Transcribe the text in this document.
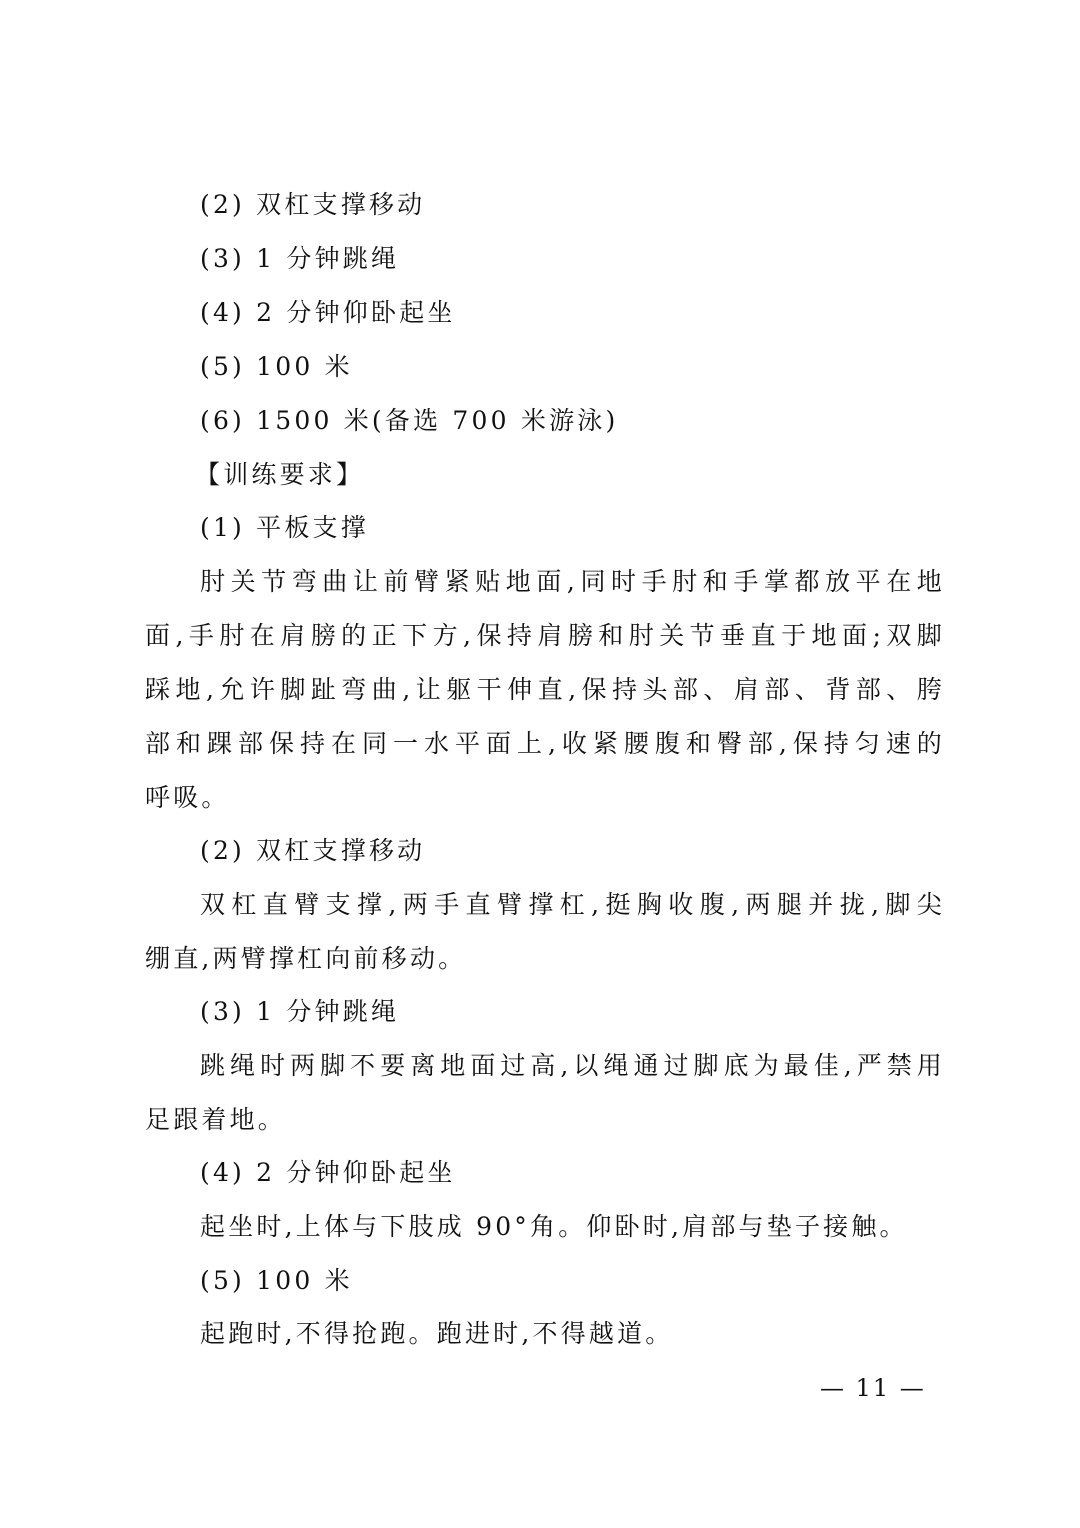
(2) 双杠支撑移动
(3) 1 分钟跳绳
(4) 2 分钟仰卧起坐
(5) 100 米
(6) 1500 米(备选 700 米游泳)
【训练要求】
(1) 平板支撑
肘关节弯曲让前臂紧贴地面,同时手肘和手掌都放平在地
面,手肘在肩膀的正下方,保持肩膀和肘关节垂直于地面;双脚
踩地,允许脚趾弯曲,让躯干伸直,保持头部、肩部、背部、胯
部和踝部保持在同一水平面上,收紧腰腹和臀部,保持匀速的
呼吸。
(2) 双杠支撑移动
双杠直臂支撑,两手直臂撑杠,挺胸收腹,两腿并拢,脚尖
绷直,两臂撑杠向前移动。
(3) 1 分钟跳绳
跳绳时两脚不要离地面过高,以绳通过脚底为最佳,严禁用
足跟着地。
(4) 2 分钟仰卧起坐
起坐时,上体与下肢成 90°角。仰卧时,肩部与垫子接触。
(5) 100 米
起跑时,不得抢跑。跑进时,不得越道。
— 11 —
